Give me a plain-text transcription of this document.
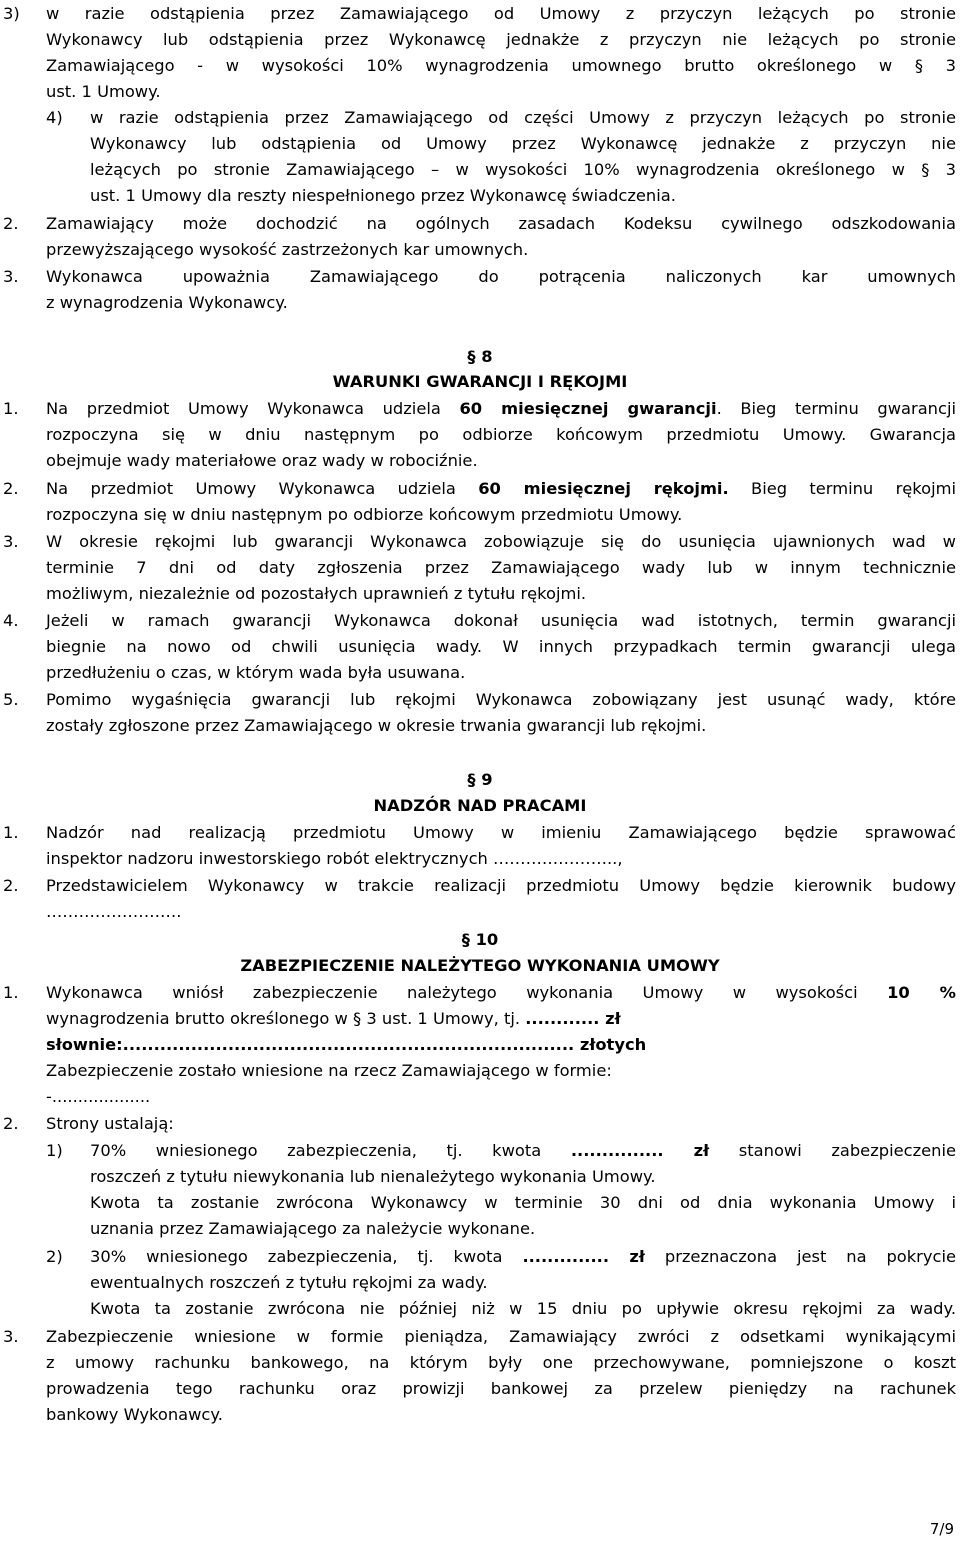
3) w razie odstąpienia przez Zamawiającego od Umowy z przyczyn leżących po stronie
Wykonawcy lub odstąpienia przez Wykonawcę jednakże z przyczyn nie leżących po stronie
Zamawiającego - w wysokości 10% wynagrodzenia umownego brutto określonego w § 3
ust. 1 Umowy.
4) w razie odstąpienia przez Zamawiającego od części Umowy z przyczyn leżących po stronie
Wykonawcy lub odstąpienia od Umowy przez Wykonawcę jednakże z przyczyn nie
leżących po stronie Zamawiającego – w wysokości 10% wynagrodzenia określonego w § 3
ust. 1 Umowy dla reszty niespełnionego przez Wykonawcę świadczenia.
2. Zamawiający może dochodzić na ogólnych zasadach Kodeksu cywilnego odszkodowania
przewyższającego wysokość zastrzeżonych kar umownych.
3. Wykonawca upoważnia Zamawiającego do potrącenia naliczonych kar umownych
z wynagrodzenia Wykonawcy.
§ 8
WARUNKI GWARANCJI I RĘKOJMI
1. Na przedmiot Umowy Wykonawca udziela 60 miesięcznej gwarancji. Bieg terminu gwarancji
rozpoczyna się w dniu następnym po odbiorze końcowym przedmiotu Umowy. Gwarancja
obejmuje wady materiałowe oraz wady w robociźnie.
2. Na przedmiot Umowy Wykonawca udziela 60 miesięcznej rękojmi. Bieg terminu rękojmi
rozpoczyna się w dniu następnym po odbiorze końcowym przedmiotu Umowy.
3. W okresie rękojmi lub gwarancji Wykonawca zobowiązuje się do usunięcia ujawnionych wad w
terminie 7 dni od daty zgłoszenia przez Zamawiającego wady lub w innym technicznie
możliwym, niezależnie od pozostałych uprawnień z tytułu rękojmi.
4. Jeżeli w ramach gwarancji Wykonawca dokonał usunięcia wad istotnych, termin gwarancji
biegnie na nowo od chwili usunięcia wady. W innych przypadkach termin gwarancji ulega
przedłużeniu o czas, w którym wada była usuwana.
5. Pomimo wygaśnięcia gwarancji lub rękojmi Wykonawca zobowiązany jest usunąć wady, które
zostały zgłoszone przez Zamawiającego w okresie trwania gwarancji lub rękojmi.
§ 9
NADZÓR NAD PRACAMI
1. Nadzór nad realizacją przedmiotu Umowy w imieniu Zamawiającego będzie sprawować
inspektor nadzoru inwestorskiego robót elektrycznych …………………..,
2. Przedstawicielem Wykonawcy w trakcie realizacji przedmiotu Umowy będzie kierownik budowy
…………………….
§ 10
ZABEZPIECZENIE NALEŻYTEGO WYKONANIA UMOWY
1. Wykonawca wniósł zabezpieczenie należytego wykonania Umowy w wysokości 10 %
wynagrodzenia brutto określonego w § 3 ust. 1 Umowy, tj. ............ zł
słownie:......................................................................... złotych
Zabezpieczenie zostało wniesione na rzecz Zamawiającego w formie:
-...................
2. Strony ustalają:
1) 70% wniesionego zabezpieczenia, tj. kwota ............... zł stanowi zabezpieczenie
roszczeń z tytułu niewykonania lub nienależytego wykonania Umowy.
Kwota ta zostanie zwrócona Wykonawcy w terminie 30 dni od dnia wykonania Umowy i
uznania przez Zamawiającego za należycie wykonane.
2) 30% wniesionego zabezpieczenia, tj. kwota .............. zł przeznaczona jest na pokrycie
ewentualnych roszczeń z tytułu rękojmi za wady.
Kwota ta zostanie zwrócona nie później niż w 15 dniu po upływie okresu rękojmi za wady.
3. Zabezpieczenie wniesione w formie pieniądza, Zamawiający zwróci z odsetkami wynikającymi
z umowy rachunku bankowego, na którym były one przechowywane, pomniejszone o koszt
prowadzenia tego rachunku oraz prowizji bankowej za przelew pieniędzy na rachunek
bankowy Wykonawcy.
7/9
